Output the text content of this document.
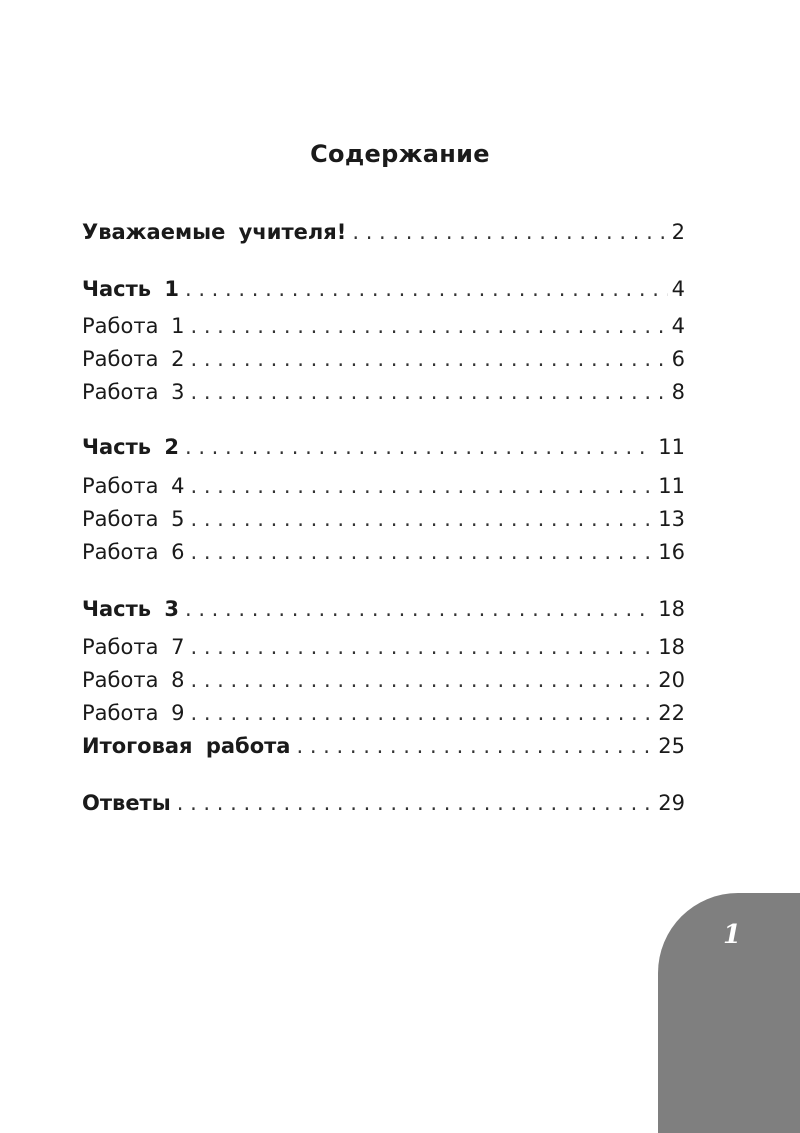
Содержание
Уважаемые учителя! . . .	2
Часть 1 . . .	4
Работа 1 . . .	4
Работа 2 . . .	6
Работа 3 . . .	8
Часть 2 . . .	11
Работа 4 . . .	11
Работа 5 . . .	13
Работа 6 . . .	16
Часть 3 . . .	18
Работа 7 . . .	18
Работа 8 . . .	20
Работа 9 . . .	22
Итоговая работа . . .	25
Ответы . . .	29
1
